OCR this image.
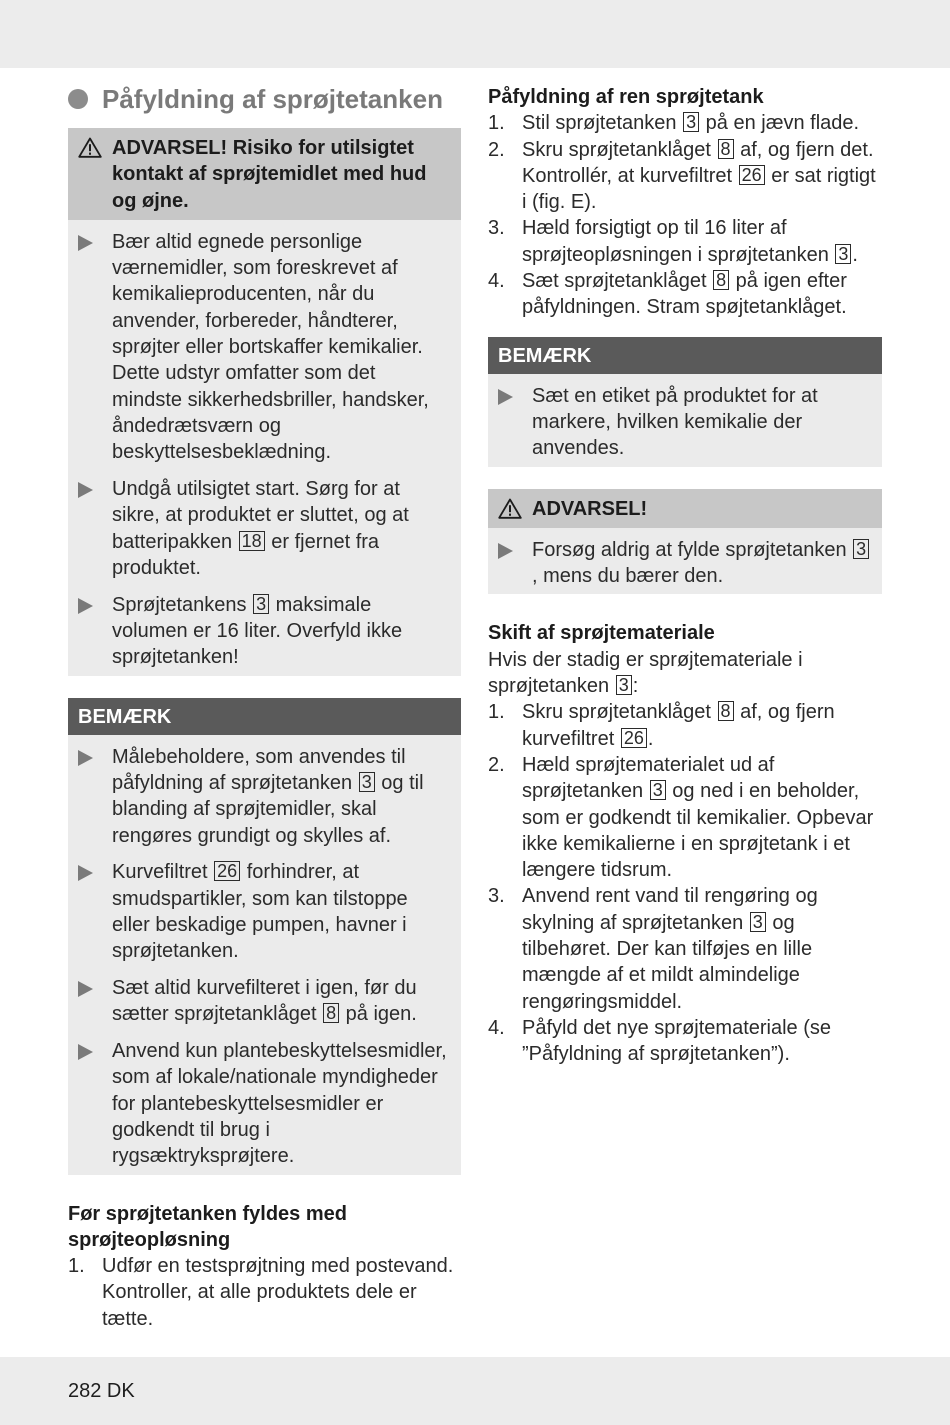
Påfyldning af sprøjtetanken
ADVARSEL! Risiko for utilsigtet kontakt af sprøjtemidlet med hud og øjne.
Bær altid egnede personlige værnemidler, som foreskrevet af kemikalieproducenten, når du anvender, forbereder, håndterer, sprøjter eller bortskaffer kemikalier. Dette udstyr omfatter som det mindste sikkerhedsbriller, handsker, åndedrætsværn og beskyttelsesbeklædning.
Undgå utilsigtet start. Sørg for at sikre, at produktet er sluttet, og at batteripakken 18 er fjernet fra produktet.
Sprøjtetankens 3 maksimale volumen er 16 liter. Overfyld ikke sprøjtetanken!
BEMÆRK
Målebeholdere, som anvendes til påfyldning af sprøjtetanken 3 og til blanding af sprøjtemidler, skal rengøres grundigt og skylles af.
Kurvefiltret 26 forhindrer, at smudspartikler, som kan tilstoppe eller beskadige pumpen, havner i sprøjtetanken.
Sæt altid kurvefilteret i igen, før du sætter sprøjtetanklåget 8 på igen.
Anvend kun plantebeskyttelsesmidler, som af lokale/nationale myndigheder for plantebeskyttelsesmidler er godkendt til brug i rygsæktryksprøjtere.
Før sprøjtetanken fyldes med sprøjteopløsning
1. Udfør en testsprøjtning med postevand. Kontroller, at alle produktets dele er tætte.
Påfyldning af ren sprøjtetank
1. Stil sprøjtetanken 3 på en jævn flade.
2. Skru sprøjtetanklåget 8 af, og fjern det. Kontrollér, at kurvefiltret 26 er sat rigtigt i (fig. E).
3. Hæld forsigtigt op til 16 liter af sprøjteopløsningen i sprøjtetanken 3 .
4. Sæt sprøjtetanklåget 8 på igen efter påfyldningen. Stram spøjtetanklåget.
BEMÆRK
Sæt en etiket på produktet for at markere, hvilken kemikalie der anvendes.
ADVARSEL!
Forsøg aldrig at fylde sprøjtetanken 3, mens du bærer den.
Skift af sprøjtemateriale

Hvis der stadig er sprøjtemateriale i sprøjtetanken 3 :

1. Skru sprøjtetanklåget 8 af, og fjern kurvefiltret 26 .
2. Hæld sprøjtematerialet ud af sprøjtetanken 3 og ned i en beholder, som er godkendt til kemikalier. Opbevar ikke kemikalierne i en sprøjtetank i et længere tidsrum.
3. Anvend rent vand til rengøring og skylning af sprøjtetanken 3 og tilbehøret. Der kan tilføjes en lille mængde af et mildt almindelige rengøringsmiddel.
4. Påfyld det nye sprøjtemateriale (se ”Påfyldning af sprøjtetanken”).
282 DK
